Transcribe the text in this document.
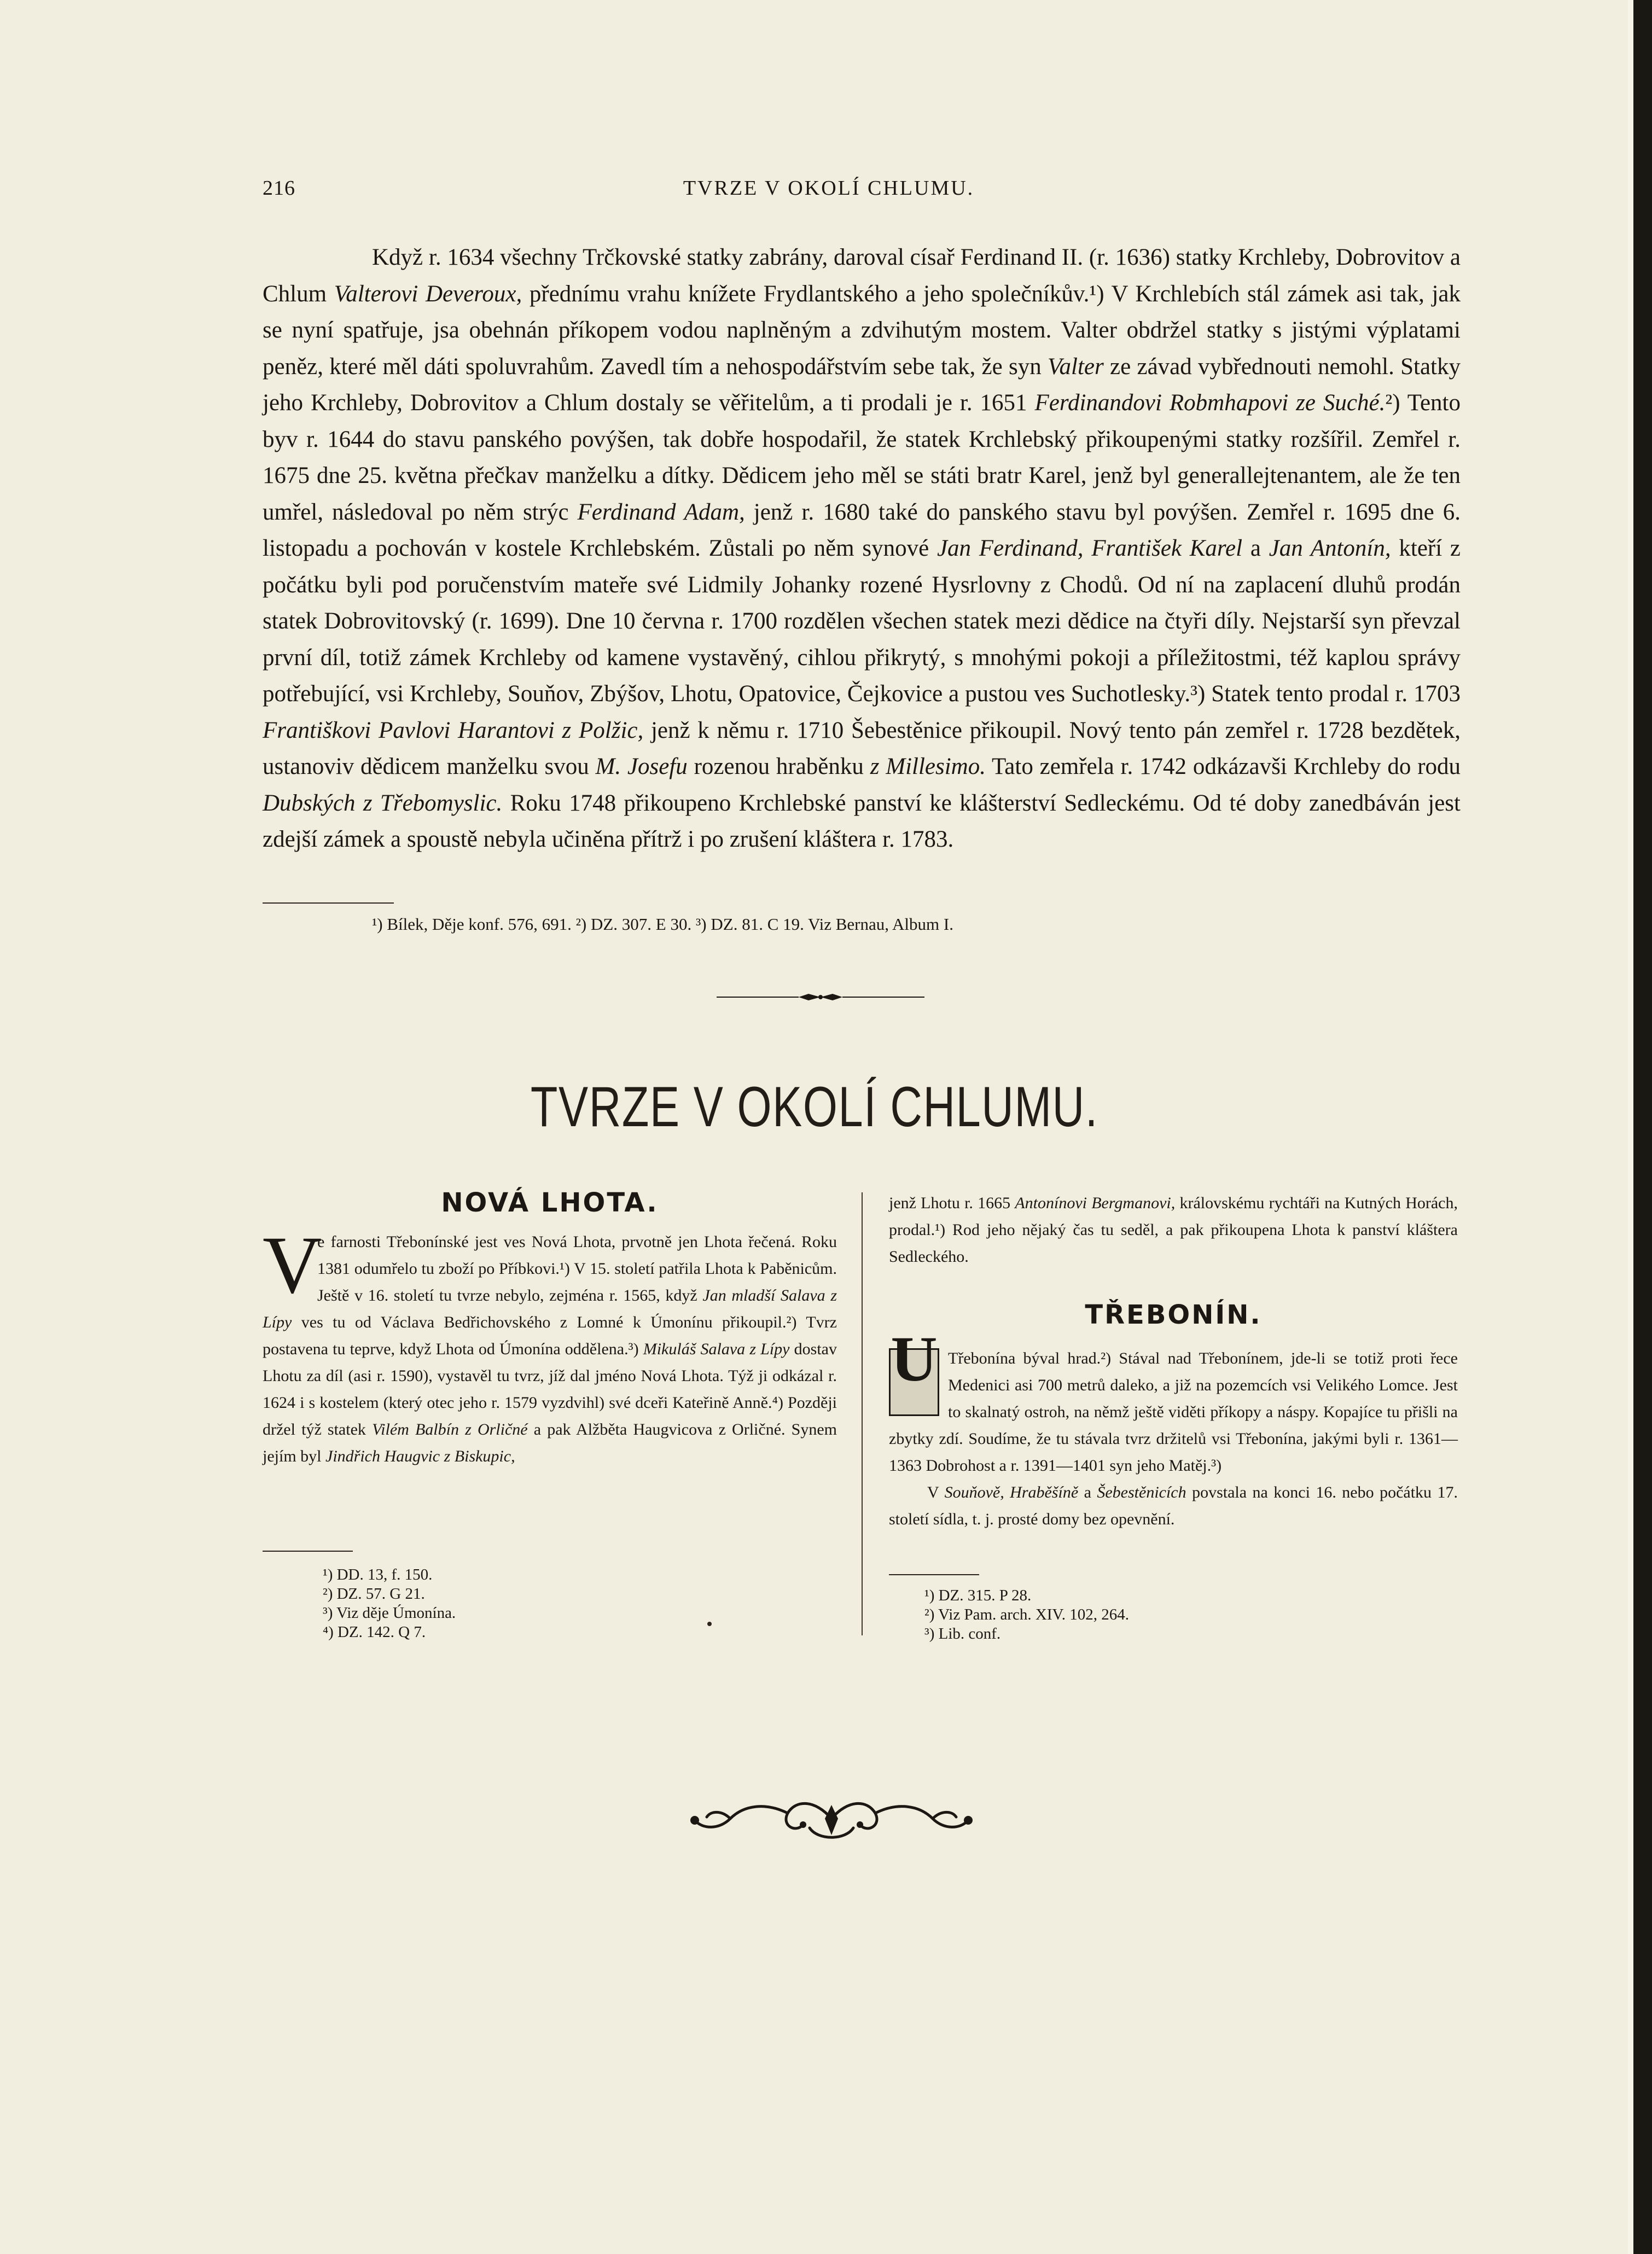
216	TVRZE V OKOLÍ CHLUMU.

Když r. 1634 všechny Trčkovské statky zabrány, daroval císař Ferdinand II. (r. 1636) statky Krchleby, Dobrovitov a Chlum Valterovi Deveroux, přednímu vrahu knížete Frydlantského a jeho společníkův.¹) V Krchlebích stál zámek asi tak, jak se nyní spatřuje, jsa obehnán příkopem vodou naplněným a zdvihutým mostem. Valter obdržel statky s jistými výplatami peněz, které měl dáti spoluvrahům. Zavedl tím a nehospodářstvím sebe tak, že syn Valter ze závad vybřednouti nemohl. Statky jeho Krchleby, Dobrovitov a Chlum dostaly se věřitelům, a ti prodali je r. 1651 Ferdinandovi Robmhapovi ze Suché.²) Tento byv r. 1644 do stavu panského povýšen, tak dobře hospodařil, že statek Krchlebský přikoupenými statky rozšířil. Zemřel r. 1675 dne 25. května přečkav manželku a dítky. Dědicem jeho měl se státi bratr Karel, jenž byl generallejtenantem, ale že ten umřel, následoval po něm strýc Ferdinand Adam, jenž r. 1680 také do panského stavu byl povýšen. Zemřel r. 1695 dne 6. listopadu a pochován v kostele Krchlebském. Zůstali po něm synové Jan Ferdinand, František Karel a Jan Antonín, kteří z počátku byli pod poručenstvím mateře své Lidmily Johanky rozené Hysrlovny z Chodů. Od ní na zaplacení dluhů prodán statek Dobrovitovský (r. 1699). Dne 10 června r. 1700 rozdělen všechen statek mezi dědice na čtyři díly. Nejstarší syn převzal první díl, totiž zámek Krchleby od kamene vystavěný, cihlou přikrytý, s mnohými pokoji a příležitostmi, též kaplou správy potřebující, vsi Krchleby, Souňov, Zbýšov, Lhotu, Opatovice, Čejkovice a pustou ves Suchotlesky.³) Statek tento prodal r. 1703 Františkovi Pavlovi Harantovi z Polžic, jenž k němu r. 1710 Šebestěnice přikoupil. Nový tento pán zemřel r. 1728 bezdětek, ustanoviv dědicem manželku svou M. Josefu rozenou hraběnku z Millesimo. Tato zemřela r. 1742 odkázavši Krchleby do rodu Dubských z Třebomyslic. Roku 1748 přikoupeno Krchlebské panství ke klášterství Sedleckému. Od té doby zanedbáván jest zdejší zámek a spoustě nebyla učiněna přítrž i po zrušení kláštera r. 1783.

¹) Bílek, Děje konf. 576, 691. ²) DZ. 307. E 30. ³) DZ. 81. C 19. Viz Bernau, Album I.
TVRZE V OKOLÍ CHLUMU.
NOVÁ LHOTA.

V
e farnosti Třebonínské jest ves Nová Lhota, prvotně jen Lhota řečená. Roku 1381 odumřelo tu zboží po Příbkovi.¹) V 15. století patřila Lhota k Paběnicům. Ještě v 16. století tu tvrze nebylo, zejména r. 1565, když Jan mladší Salava z Lípy ves tu od Václava Bedřichovského z Lomné k Úmonínu přikoupil.²) Tvrz postavena tu teprve, když Lhota od Úmonína oddělena.³) Mikuláš Salava z Lípy dostav Lhotu za díl (asi r. 1590), vystavěl tu tvrz, jíž dal jméno Nová Lhota. Týž ji odkázal r. 1624 i s kostelem (který otec jeho r. 1579 vyzdvihl) své dceři Kateřině Anně.⁴) Později držel týž statek Vilém Balbín z Orličné a pak Alžběta Haugvicova z Orličné. Synem jejím byl Jindřich Haugvic z Biskupic,

¹) DD. 13, f. 150.
²) DZ. 57. G 21.
³) Viz děje Úmonína.
⁴) DZ. 142. Q 7.

jenž Lhotu r. 1665 Antonínovi Bergmanovi, královskému rychtáři na Kutných Horách, prodal.¹) Rod jeho nějaký čas tu seděl, a pak přikoupena Lhota k panství kláštera Sedleckého.

TŘEBONÍN.

U Třebonína býval hrad.²) Stával nad Třebonínem, jde-li se totiž proti řece Medenici asi 700 metrů daleko, a již na pozemcích vsi Velikého Lomce. Jest to skalnatý ostroh, na němž ještě viděti příkopy a náspy. Kopajíce tu přišli na zbytky zdí. Soudíme, že tu stávala tvrz držitelů vsi Třebonína, jakými byli r. 1361—1363 Dobrohost a r. 1391—1401 syn jeho Matěj.³)

V Souňově, Hraběšíně a Šebestěnicích povstala na konci 16. nebo počátku 17. století sídla, t. j. prosté domy bez opevnění.

¹) DZ. 315. P 28.
²) Viz Pam. arch. XIV. 102, 264.
³) Lib. conf.
